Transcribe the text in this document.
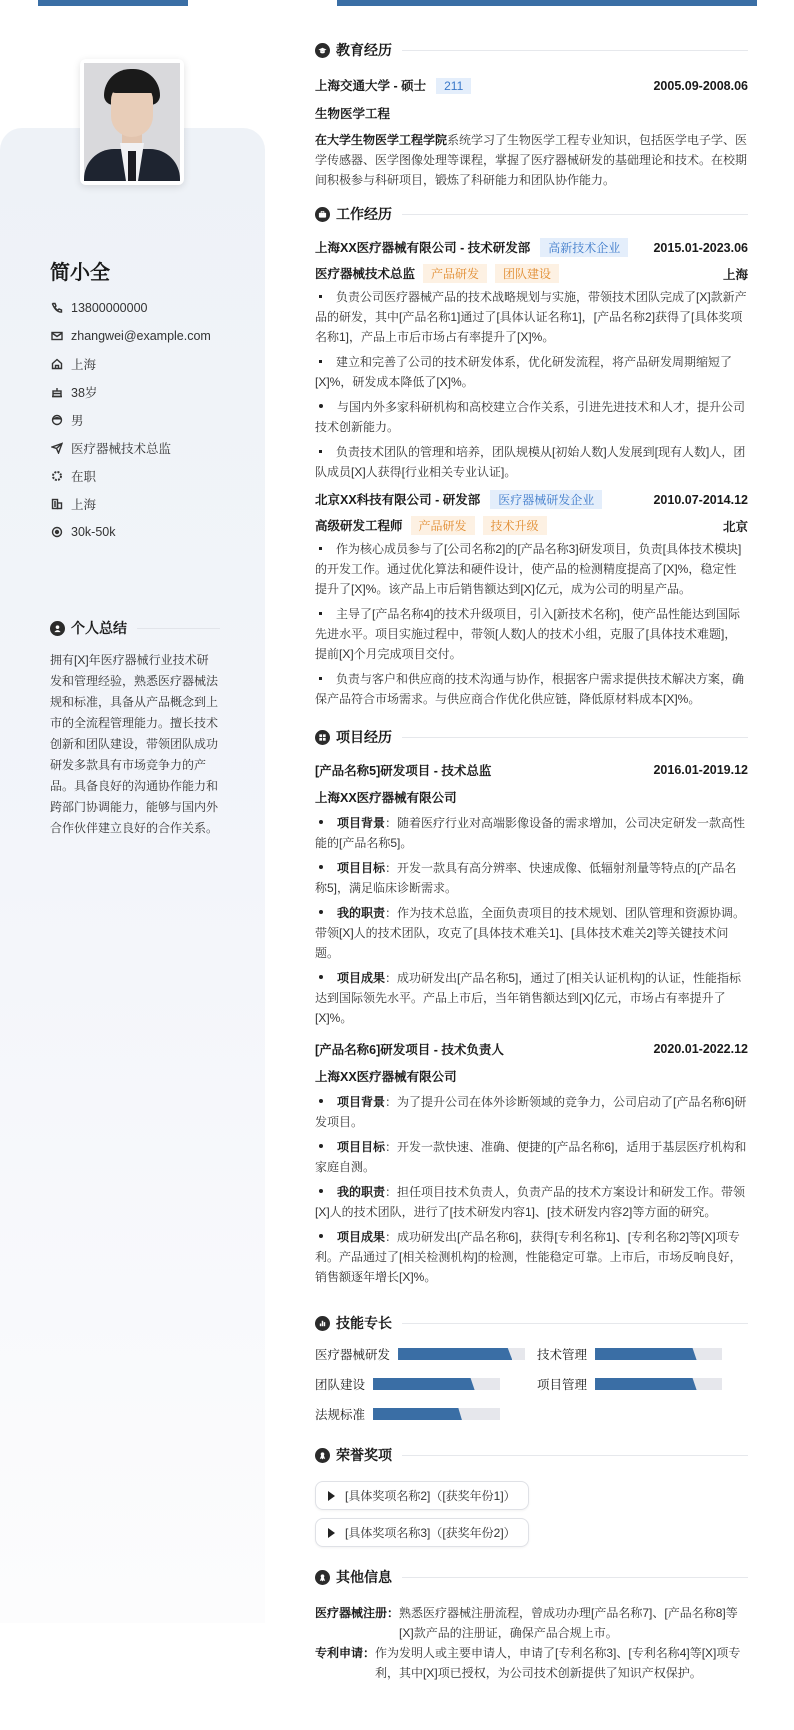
简小全
13800000000
zhangwei@example.com
上海
38岁
男
医疗器械技术总监
在职
上海
30k-50k
个人总结
拥有[X]年医疗器械行业技术研发和管理经验，熟悉医疗器械法规和标准，具备从产品概念到上市的全流程管理能力。擅长技术创新和团队建设，带领团队成功研发多款具有市场竞争力的产品。具备良好的沟通协作能力和跨部门协调能力，能够与国内外合作伙伴建立良好的合作关系。
教育经历
上海交通大学 - 硕士 211	2005.09-2008.06
生物医学工程
在大学生物医学工程学院系统学习了生物医学工程专业知识，包括医学电子学、医学传感器、医学图像处理等课程，掌握了医疗器械研发的基础理论和技术。在校期间积极参与科研项目，锻炼了科研能力和团队协作能力。
工作经历
上海XX医疗器械有限公司 - 技术研发部 高新技术企业	2015.01-2023.06
医疗器械技术总监 产品研发 团队建设	上海
负责公司医疗器械产品的技术战略规划与实施，带领技术团队完成了[X]款新产品的研发，其中[产品名称1]通过了[具体认证名称1]，[产品名称2]获得了[具体奖项名称1]，产品上市后市场占有率提升了[X]%。
建立和完善了公司的技术研发体系，优化研发流程，将产品研发周期缩短了[X]%，研发成本降低了[X]%。
与国内外多家科研机构和高校建立合作关系，引进先进技术和人才，提升公司技术创新能力。
负责技术团队的管理和培养，团队规模从[初始人数]人发展到[现有人数]人，团队成员[X]人获得[行业相关专业认证]。
北京XX科技有限公司 - 研发部 医疗器械研发企业	2010.07-2014.12
高级研发工程师 产品研发 技术升级	北京
作为核心成员参与了[公司名称2]的[产品名称3]研发项目，负责[具体技术模块]的开发工作。通过优化算法和硬件设计，使产品的检测精度提高了[X]%，稳定性提升了[X]%。该产品上市后销售额达到[X]亿元，成为公司的明星产品。
主导了[产品名称4]的技术升级项目，引入[新技术名称]，使产品性能达到国际先进水平。项目实施过程中，带领[人数]人的技术小组，克服了[具体技术难题]，提前[X]个月完成项目交付。
负责与客户和供应商的技术沟通与协作，根据客户需求提供技术解决方案，确保产品符合市场需求。与供应商合作优化供应链，降低原材料成本[X]%。
项目经历
[产品名称5]研发项目 - 技术总监	2016.01-2019.12
上海XX医疗器械有限公司
项目背景：随着医疗行业对高端影像设备的需求增加，公司决定研发一款高性能的[产品名称5]。
项目目标：开发一款具有高分辨率、快速成像、低辐射剂量等特点的[产品名称5]，满足临床诊断需求。
我的职责：作为技术总监，全面负责项目的技术规划、团队管理和资源协调。带领[X]人的技术团队，攻克了[具体技术难关1]、[具体技术难关2]等关键技术问题。
项目成果：成功研发出[产品名称5]，通过了[相关认证机构]的认证，性能指标达到国际领先水平。产品上市后，当年销售额达到[X]亿元，市场占有率提升了[X]%。
[产品名称6]研发项目 - 技术负责人	2020.01-2022.12
上海XX医疗器械有限公司
项目背景：为了提升公司在体外诊断领域的竞争力，公司启动了[产品名称6]研发项目。
项目目标：开发一款快速、准确、便捷的[产品名称6]，适用于基层医疗机构和家庭自测。
我的职责：担任项目技术负责人，负责产品的技术方案设计和研发工作。带领[X]人的技术团队，进行了[技术研发内容1]、[技术研发内容2]等方面的研究。
项目成果：成功研发出[产品名称6]，获得[专利名称1]、[专利名称2]等[X]项专利。产品通过了[相关检测机构]的检测，性能稳定可靠。上市后，市场反响良好，销售额逐年增长[X]%。
技能专长
医疗器械研发	技术管理
团队建设	项目管理
法规标准
荣誉奖项
[具体奖项名称2]（[获奖年份1]）
[具体奖项名称3]（[获奖年份2]）
其他信息
医疗器械注册： 熟悉医疗器械注册流程，曾成功办理[产品名称7]、[产品名称8]等[X]款产品的注册证，确保产品合规上市。
专利申请： 作为发明人或主要申请人，申请了[专利名称3]、[专利名称4]等[X]项专利，其中[X]项已授权，为公司技术创新提供了知识产权保护。
